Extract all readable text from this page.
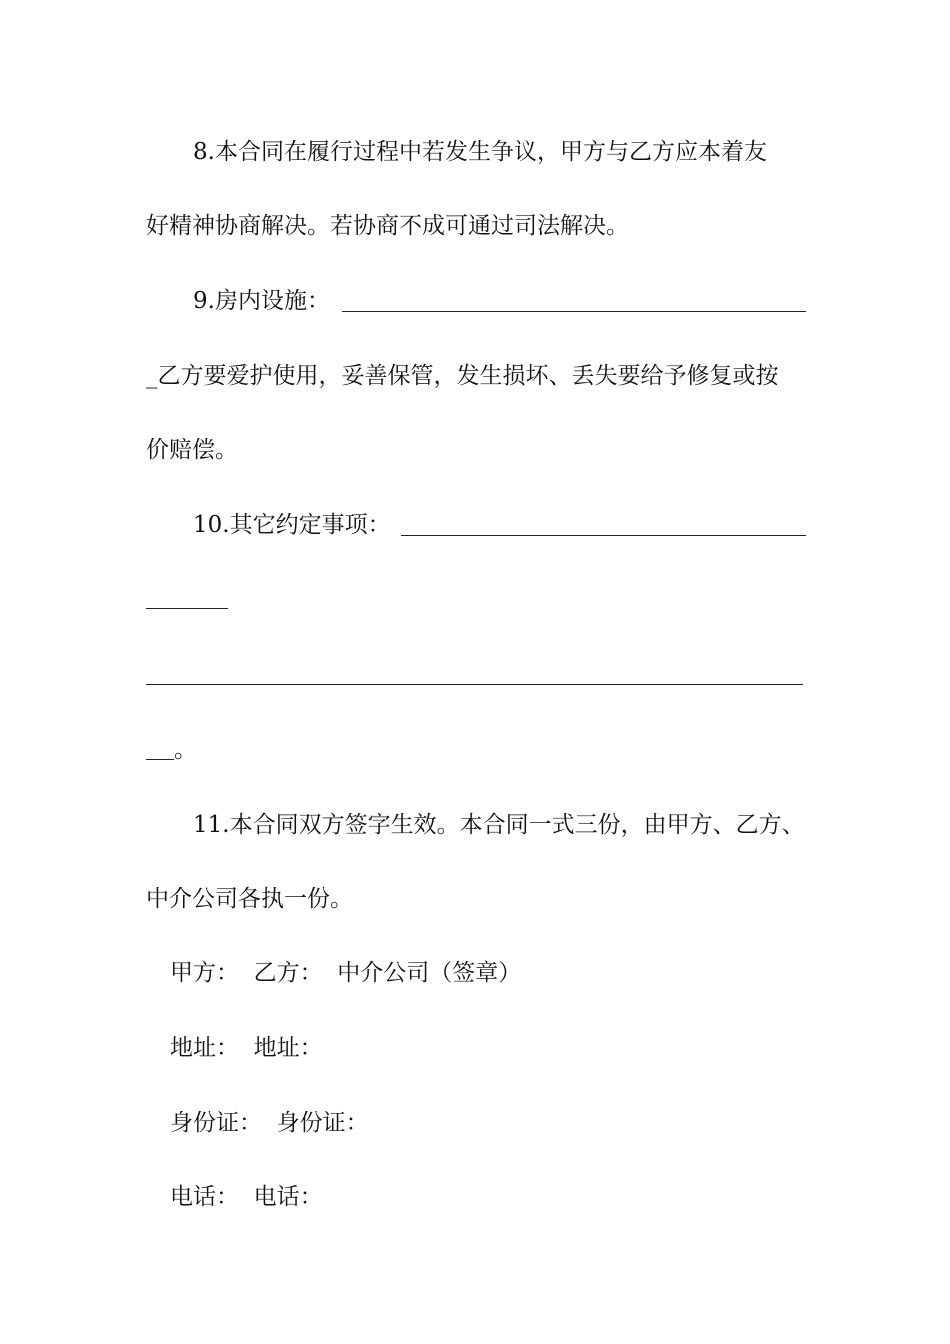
8.本合同在履行过程中若发生争议，甲方与乙方应本着友
好精神协商解决。若协商不成可通过司法解决。
9.房内设施：
_乙方要爱护使用，妥善保管，发生损坏、丢失要给予修复或按
价赔偿。
10.其它约定事项：
。
11.本合同双方签字生效。本合同一式三份，由甲方、乙方、
中介公司各执一份。
甲方：  乙方：  中介公司（签章）
地址：  地址：
身份证：  身份证：
电话：  电话：
